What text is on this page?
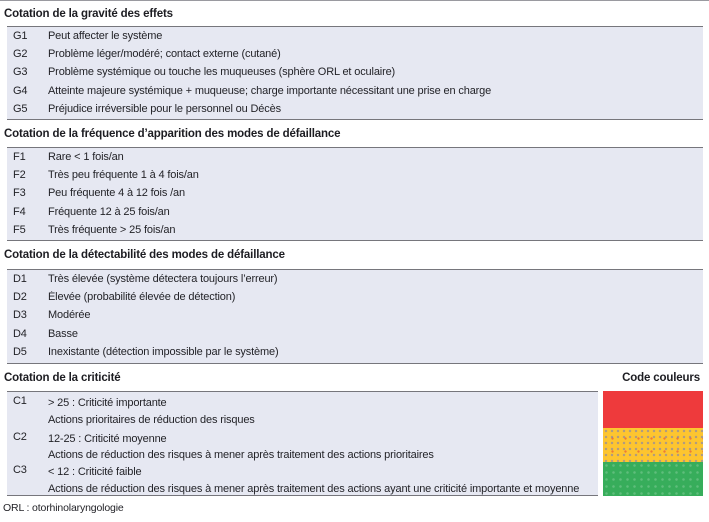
Cotation de la gravité des effets
G1	Peut affecter le système
G2	Problème léger/modéré; contact externe (cutané)
G3	Problème systémique ou touche les muqueuses (sphère ORL et oculaire)
G4	Atteinte majeure systémique + muqueuse; charge importante nécessitant une prise en charge
G5	Préjudice irréversible pour le personnel ou Décès
Cotation de la fréquence d’apparition des modes de défaillance
F1	Rare < 1 fois/an
F2	Très peu fréquente 1 à 4 fois/an
F3	Peu fréquente 4 à 12 fois /an
F4	Fréquente 12 à 25 fois/an
F5	Très fréquente > 25 fois/an
Cotation de la détectabilité des modes de défaillance
D1	Très élevée (système détectera toujours l’erreur)
D2	Élevée (probabilité élevée de détection)
D3	Modérée
D4	Basse
D5	Inexistante (détection impossible par le système)
Cotation de la criticité	Code couleurs
C1	> 25 : Criticité importante
Actions prioritaires de réduction des risques
C2	12-25 : Criticité moyenne
Actions de réduction des risques à mener après traitement des actions prioritaires
C3	< 12 : Criticité faible
Actions de réduction des risques à mener après traitement des actions ayant une criticité importante et moyenne
ORL : otorhinolaryngologie
